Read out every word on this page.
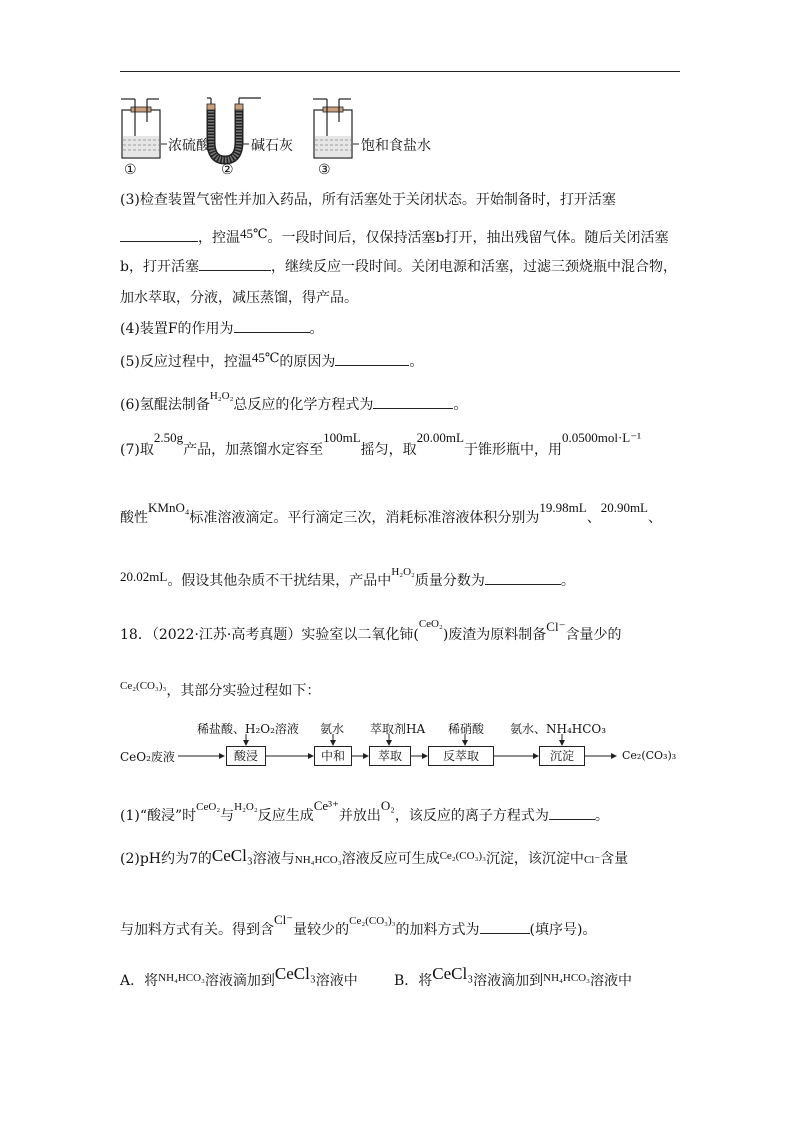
浓硫酸	碱石灰	饱和食盐水
①	②	③
(3)检查装置气密性并加入药品，所有活塞处于关闭状态。开始制备时，打开活塞
，控温45℃。一段时间后，仅保持活塞b打开，抽出残留气体。随后关闭活塞
b，打开活塞	，继续反应一段时间。关闭电源和活塞，过滤三颈烧瓶中混合物，
加水萃取，分液，减压蒸馏，得产品。
(4)装置F的作用为	。
(5)反应过程中，控温45℃的原因为	。
(6)氢醌法制备$^{H_2O_2}$总反应的化学方程式为	。
(7)取2.50g产品，加蒸馏水定容至100mL摇匀，取20.00mL于锥形瓶中，用0.0500mol·L⁻¹
酸性KMnO₄标准溶液滴定。平行滴定三次，消耗标准溶液体积分别为19.98mL、20.90mL、
20.02mL。假设其他杂质不干扰结果，产品中$^{H_2O_2}$质量分数为	。
18．（2022·江苏·高考真题）实验室以二氧化铈($^{CeO_2}$)废渣为原料制备Cl⁻含量少的
$^{Ce_2(CO_3)_3}$，其部分实验过程如下：
稀盐酸、H₂O₂溶液 氨水 萃取剂HA 稀硝酸 氨水、NH₄HCO₃
CeO₂废液	酸浸	中和	萃取	反萃取	沉淀	Ce₂(CO₃)₃
(1)“酸浸”时$^{CeO_2}$与$^{H_2O_2}$反应生成Ce³⁺并放出O₂，该反应的离子方程式为	。
(2)pH约为7的CeCl₃溶液与NH₄HCO₃溶液反应可生成$^{Ce_2(CO_3)_3}$沉淀，该沉淀中Cl⁻含量
与加料方式有关。得到含Cl⁻量较少的$^{Ce_2(CO_3)_3}$的加料方式为	(填序号)。
A．将$^{NH_4HCO_3}$溶液滴加到CeCl₃溶液中	B．将CeCl₃溶液滴加到$^{NH_4HCO_3}$溶液中
